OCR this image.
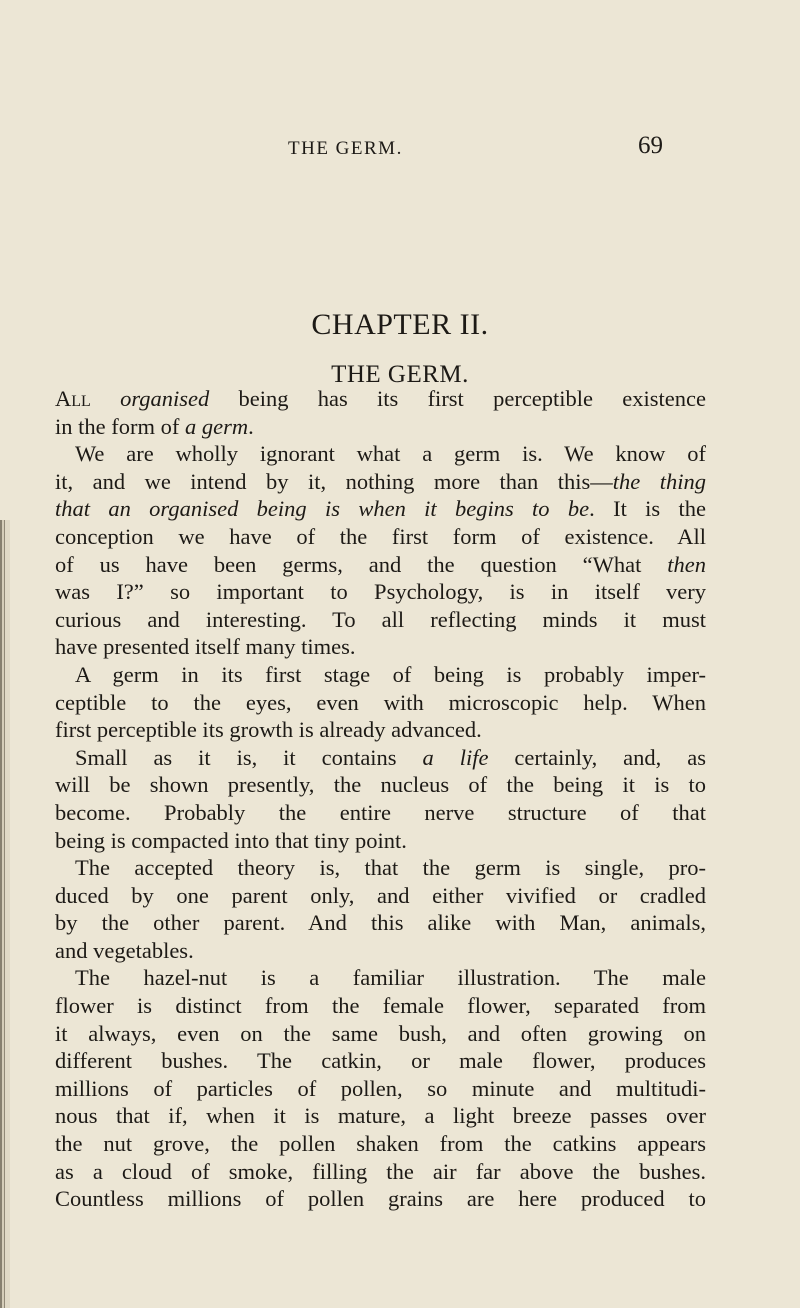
THE GERM.	69
CHAPTER II.
THE GERM.
All organised being has its first perceptible existence
in the form of a germ.
We are wholly ignorant what a germ is. We know of
it, and we intend by it, nothing more than this—the thing
that an organised being is when it begins to be. It is the
conception we have of the first form of existence. All
of us have been germs, and the question “What then
was I?” so important to Psychology, is in itself very
curious and interesting. To all reflecting minds it must
have presented itself many times.
A germ in its first stage of being is probably imper-
ceptible to the eyes, even with microscopic help. When
first perceptible its growth is already advanced.
Small as it is, it contains a life certainly, and, as
will be shown presently, the nucleus of the being it is to
become. Probably the entire nerve structure of that
being is compacted into that tiny point.
The accepted theory is, that the germ is single, pro-
duced by one parent only, and either vivified or cradled
by the other parent. And this alike with Man, animals,
and vegetables.
The hazel-nut is a familiar illustration. The male
flower is distinct from the female flower, separated from
it always, even on the same bush, and often growing on
different bushes. The catkin, or male flower, produces
millions of particles of pollen, so minute and multitudi-
nous that if, when it is mature, a light breeze passes over
the nut grove, the pollen shaken from the catkins appears
as a cloud of smoke, filling the air far above the bushes.
Countless millions of pollen grains are here produced to
